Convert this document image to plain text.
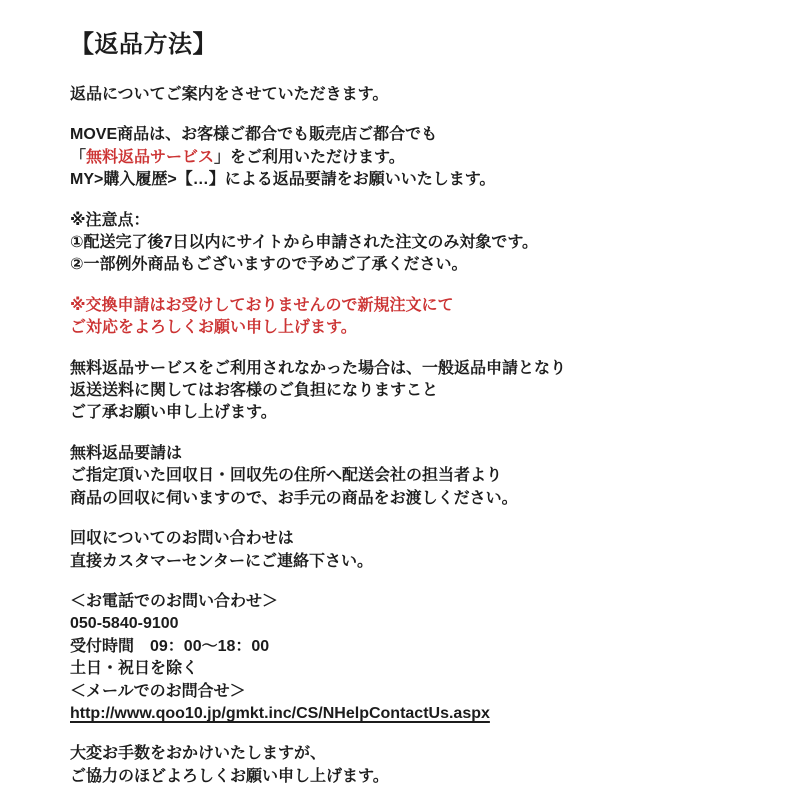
【返品方法】

返品についてご案内をさせていただきます。

MOVE商品は、お客様ご都合でも販売店ご都合でも
「無料返品サービス」をご利用いただけます。
MY>購入履歴>【…】による返品要請をお願いいたします。

※注意点：
①配送完了後7日以内にサイトから申請された注文のみ対象です。
②一部例外商品もございますので予めご了承ください。

※交換申請はお受けしておりませんので新規注文にて
ご対応をよろしくお願い申し上げます。

無料返品サービスをご利用されなかった場合は、一般返品申請となり
返送送料に関してはお客様のご負担になりますこと
ご了承お願い申し上げます。

無料返品要請は
ご指定頂いた回収日・回収先の住所へ配送会社の担当者より
商品の回収に伺いますので、お手元の商品をお渡しください。

回収についてのお問い合わせは
直接カスタマーセンターにご連絡下さい。

＜お電話でのお問い合わせ＞
050-5840-9100
受付時間　09：00～18：00
土日・祝日を除く
＜メールでのお問合せ＞
http://www.qoo10.jp/gmkt.inc/CS/NHelpContactUs.aspx

大変お手数をおかけいたしますが、
ご協力のほどよろしくお願い申し上げます。
